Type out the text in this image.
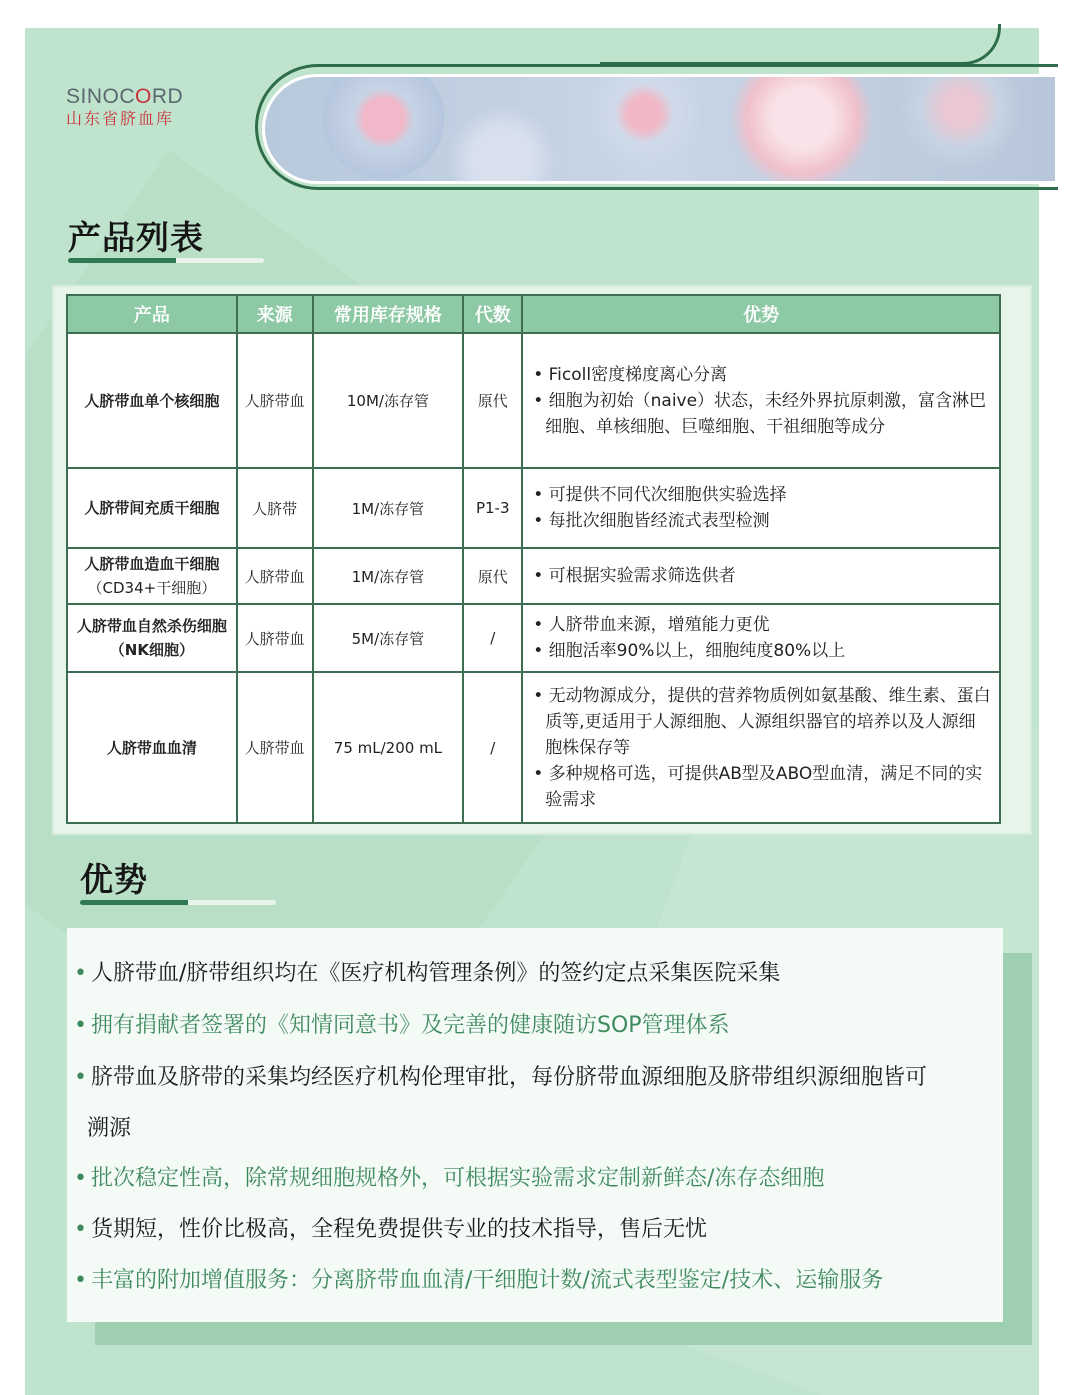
SINOCORD
山东省脐血库
产品列表
产品	来源	常用库存规格	代数	优势
人脐带血单个核细胞	人脐带血	10M/冻存管	原代	• Ficoll密度梯度离心分离
• 细胞为初始（naive）状态，未经外界抗原刺激，富含淋巴细胞、单核细胞、巨噬细胞、干祖细胞等成分

人脐带间充质干细胞	人脐带	1M/冻存管	P1-3	• 可提供不同代次细胞供实验选择
• 每批次细胞皆经流式表型检测

人脐带血造血干细胞
（CD34+干细胞）	人脐带血	1M/冻存管	原代	• 可根据实验需求筛选供者

人脐带血自然杀伤细胞
（NK细胞）	人脐带血	5M/冻存管	/	• 人脐带血来源，增殖能力更优
• 细胞活率90%以上，细胞纯度80%以上

人脐带血血清	人脐带血	75 mL/200 mL	/	• 无动物源成分，提供的营养物质例如氨基酸、维生素、蛋白质等,更适用于人源细胞、人源组织器官的培养以及人源细胞株保存等
• 多种规格可选，可提供AB型及ABO型血清，满足不同的实验需求
优势
• 人脐带血/脐带组织均在《医疗机构管理条例》的签约定点采集医院采集
• 拥有捐献者签署的《知情同意书》及完善的健康随访SOP管理体系
• 脐带血及脐带的采集均经医疗机构伦理审批，每份脐带血源细胞及脐带组织源细胞皆可
溯源
• 批次稳定性高，除常规细胞规格外，可根据实验需求定制新鲜态/冻存态细胞
• 货期短，性价比极高，全程免费提供专业的技术指导，售后无忧
• 丰富的附加增值服务：分离脐带血血清/干细胞计数/流式表型鉴定/技术、运输服务
